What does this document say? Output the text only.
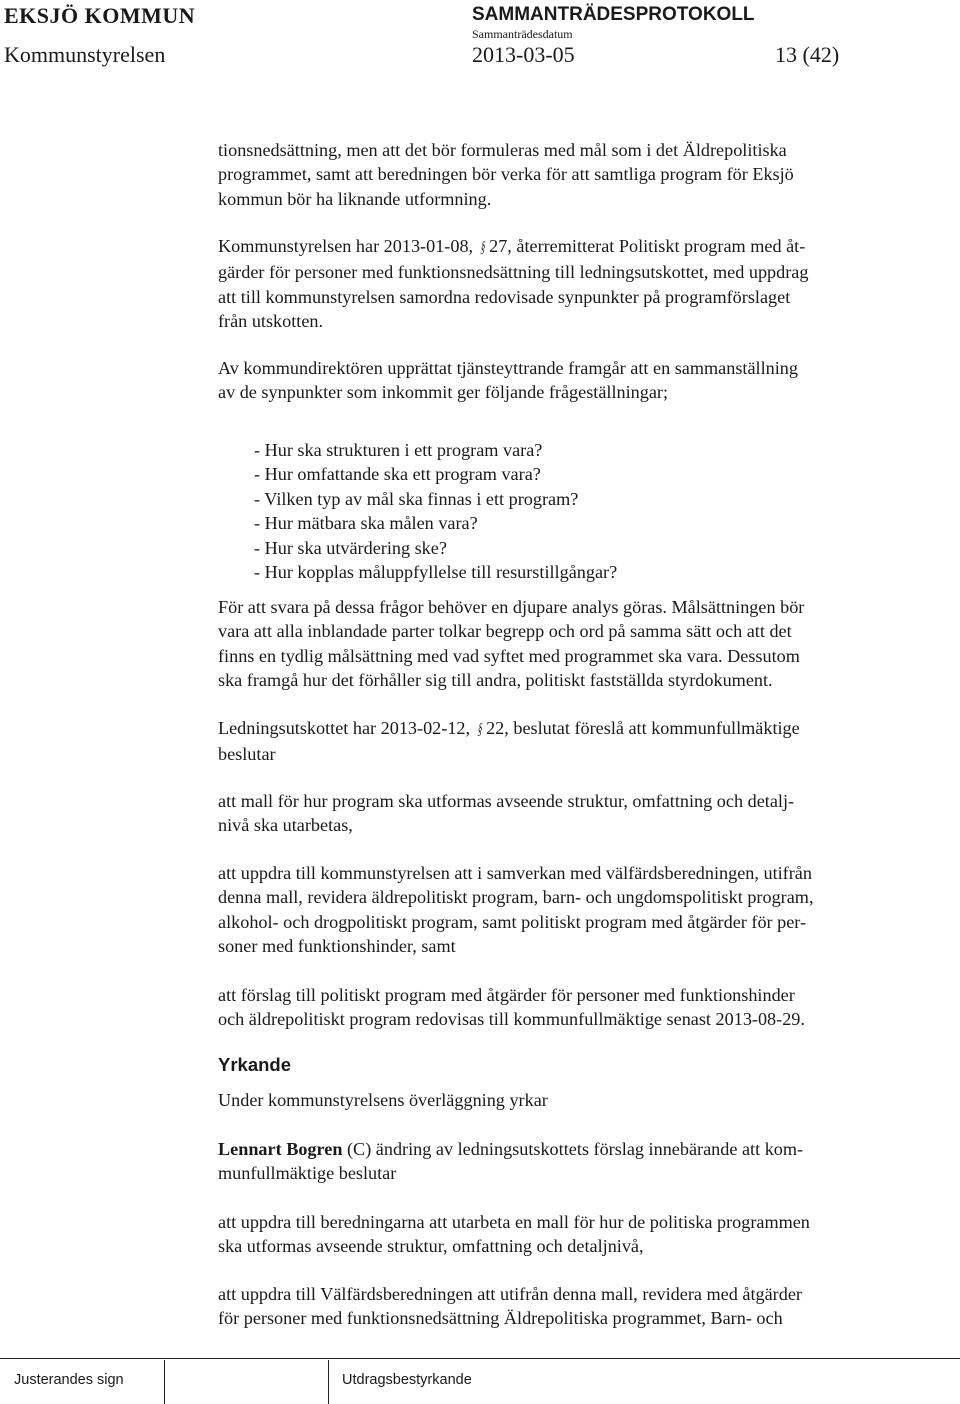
EKSJÖ KOMMUN	SAMMANTRÄDESPROTOKOLL
Sammanträdesdatum
Kommunstyrelsen	2013-03-05	13 (42)

tionsnedsättning, men att det bör formuleras med mål som i det Äldrepolitiska
programmet, samt att beredningen bör verka för att samtliga program för Eksjö
kommun bör ha liknande utformning.

Kommunstyrelsen har 2013-01-08, § 27, återremitterat Politiskt program med åt-
gärder för personer med funktionsnedsättning till ledningsutskottet, med uppdrag
att till kommunstyrelsen samordna redovisade synpunkter på programförslaget
från utskotten.

Av kommundirektören upprättat tjänsteyttrande framgår att en sammanställning
av de synpunkter som inkommit ger följande frågeställningar;

- Hur ska strukturen i ett program vara?
- Hur omfattande ska ett program vara?
- Vilken typ av mål ska finnas i ett program?
- Hur mätbara ska målen vara?
- Hur ska utvärdering ske?
- Hur kopplas måluppfyllelse till resurstillgångar?

För att svara på dessa frågor behöver en djupare analys göras. Målsättningen bör
vara att alla inblandade parter tolkar begrepp och ord på samma sätt och att det
finns en tydlig målsättning med vad syftet med programmet ska vara. Dessutom
ska framgå hur det förhåller sig till andra, politiskt fastställda styrdokument.

Ledningsutskottet har 2013-02-12, § 22, beslutat föreslå att kommunfullmäktige
beslutar

att mall för hur program ska utformas avseende struktur, omfattning och detalj-
nivå ska utarbetas,

att uppdra till kommunstyrelsen att i samverkan med välfärdsberedningen, utifrån
denna mall, revidera äldrepolitiskt program, barn- och ungdomspolitiskt program,
alkohol- och drogpolitiskt program, samt politiskt program med åtgärder för per-
soner med funktionshinder, samt

att förslag till politiskt program med åtgärder för personer med funktionshinder
och äldrepolitiskt program redovisas till kommunfullmäktige senast 2013-08-29.

Yrkande

Under kommunstyrelsens överläggning yrkar

Lennart Bogren (C) ändring av ledningsutskottets förslag innebärande att kom-
munfullmäktige beslutar

att uppdra till beredningarna att utarbeta en mall för hur de politiska programmen
ska utformas avseende struktur, omfattning och detaljnivå,

att uppdra till Välfärdsberedningen att utifrån denna mall, revidera med åtgärder
för personer med funktionsnedsättning Äldrepolitiska programmet, Barn- och

Justerandes sign	Utdragsbestyrkande
